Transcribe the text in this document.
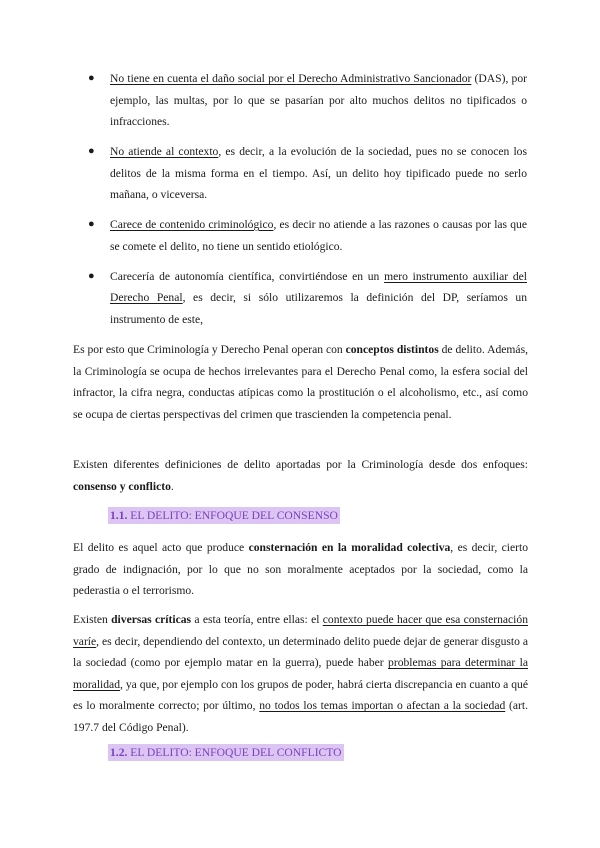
● No tiene en cuenta el daño social por el Derecho Administrativo Sancionador (DAS), por ejemplo, las multas, por lo que se pasarían por alto muchos delitos no tipificados o infracciones.
● No atiende al contexto, es decir, a la evolución de la sociedad, pues no se conocen los delitos de la misma forma en el tiempo. Así, un delito hoy tipificado puede no serlo mañana, o viceversa.
● Carece de contenido criminológico, es decir no atiende a las razones o causas por las que se comete el delito, no tiene un sentido etiológico.
● Carecería de autonomía científica, convirtiéndose en un mero instrumento auxiliar del Derecho Penal, es decir, si sólo utilizaremos la definición del DP, seríamos un instrumento de este,

Es por esto que Criminología y Derecho Penal operan con conceptos distintos de delito. Además, la Criminología se ocupa de hechos irrelevantes para el Derecho Penal como, la esfera social del infractor, la cifra negra, conductas atípicas como la prostitución o el alcoholismo, etc., así como se ocupa de ciertas perspectivas del crimen que trascienden la competencia penal.

Existen diferentes definiciones de delito aportadas por la Criminología desde dos enfoques: consenso y conflicto.

1.1. EL DELITO: ENFOQUE DEL CONSENSO

El delito es aquel acto que produce consternación en la moralidad colectiva, es decir, cierto grado de indignación, por lo que no son moralmente aceptados por la sociedad, como la pederastia o el terrorismo.

Existen diversas críticas a esta teoría, entre ellas: el contexto puede hacer que esa consternación varíe, es decir, dependiendo del contexto, un determinado delito puede dejar de generar disgusto a la sociedad (como por ejemplo matar en la guerra), puede haber problemas para determinar la moralidad, ya que, por ejemplo con los grupos de poder, habrá cierta discrepancia en cuanto a qué es lo moralmente correcto; por último, no todos los temas importan o afectan a la sociedad (art. 197.7 del Código Penal).

1.2. EL DELITO: ENFOQUE DEL CONFLICTO
